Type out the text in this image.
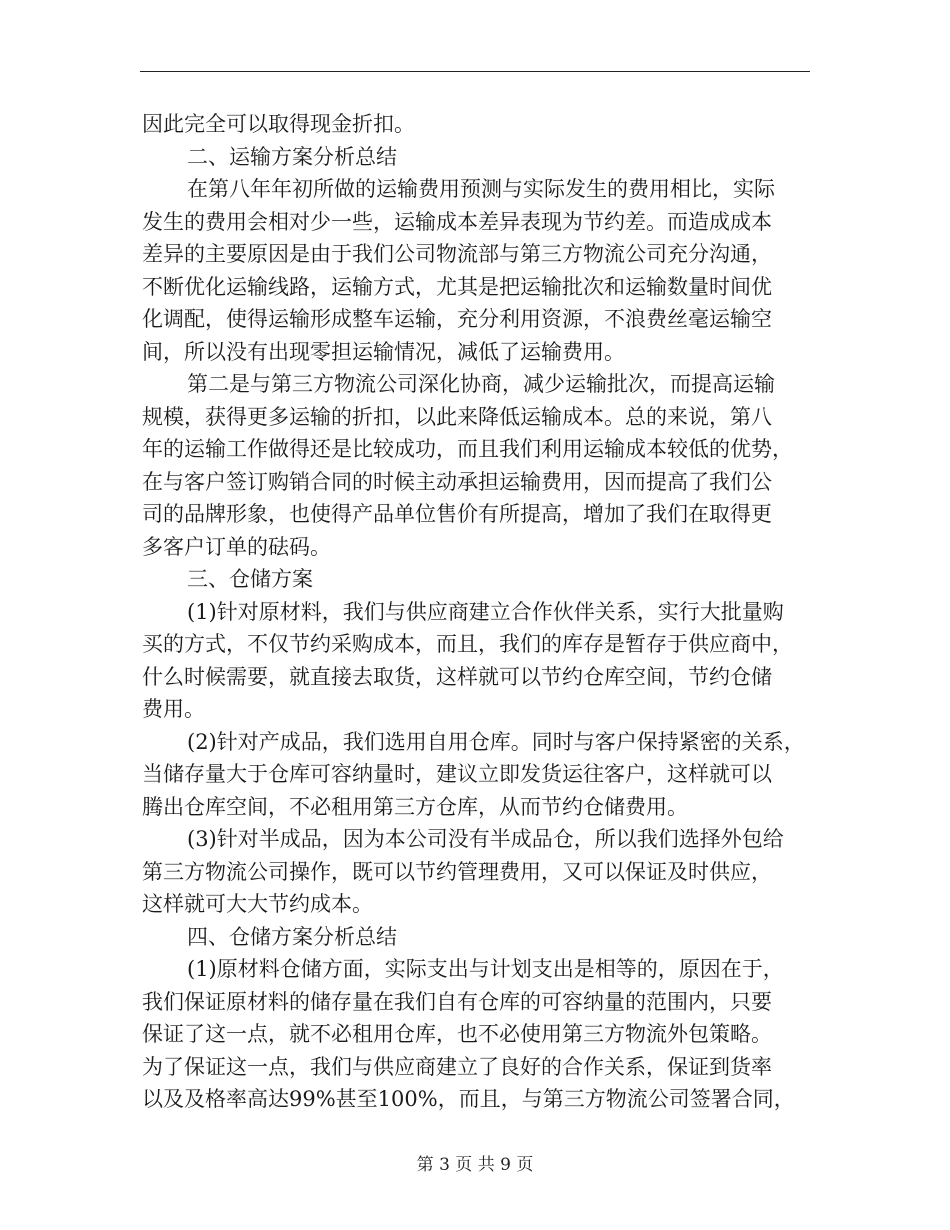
因此完全可以取得现金折扣。
二、运输方案分析总结
在第八年年初所做的运输费用预测与实际发生的费用相比，实际
发生的费用会相对少一些，运输成本差异表现为节约差。而造成成本
差异的主要原因是由于我们公司物流部与第三方物流公司充分沟通，
不断优化运输线路，运输方式，尤其是把运输批次和运输数量时间优
化调配，使得运输形成整车运输，充分利用资源，不浪费丝毫运输空
间，所以没有出现零担运输情况，减低了运输费用。
第二是与第三方物流公司深化协商，减少运输批次，而提高运输
规模，获得更多运输的折扣，以此来降低运输成本。总的来说，第八
年的运输工作做得还是比较成功，而且我们利用运输成本较低的优势，
在与客户签订购销合同的时候主动承担运输费用，因而提高了我们公
司的品牌形象，也使得产品单位售价有所提高，增加了我们在取得更
多客户订单的砝码。
三、仓储方案
(1)针对原材料，我们与供应商建立合作伙伴关系，实行大批量购
买的方式，不仅节约采购成本，而且，我们的库存是暂存于供应商中，
什么时候需要，就直接去取货，这样就可以节约仓库空间，节约仓储
费用。
(2)针对产成品，我们选用自用仓库。同时与客户保持紧密的关系，
当储存量大于仓库可容纳量时，建议立即发货运往客户，这样就可以
腾出仓库空间，不必租用第三方仓库，从而节约仓储费用。
(3)针对半成品，因为本公司没有半成品仓，所以我们选择外包给
第三方物流公司操作，既可以节约管理费用，又可以保证及时供应，
这样就可大大节约成本。
四、仓储方案分析总结
(1)原材料仓储方面，实际支出与计划支出是相等的，原因在于，
我们保证原材料的储存量在我们自有仓库的可容纳量的范围内，只要
保证了这一点，就不必租用仓库，也不必使用第三方物流外包策略。
为了保证这一点，我们与供应商建立了良好的合作关系，保证到货率
以及及格率高达99%甚至100%，而且，与第三方物流公司签署合同，
第 3 页 共 9 页
